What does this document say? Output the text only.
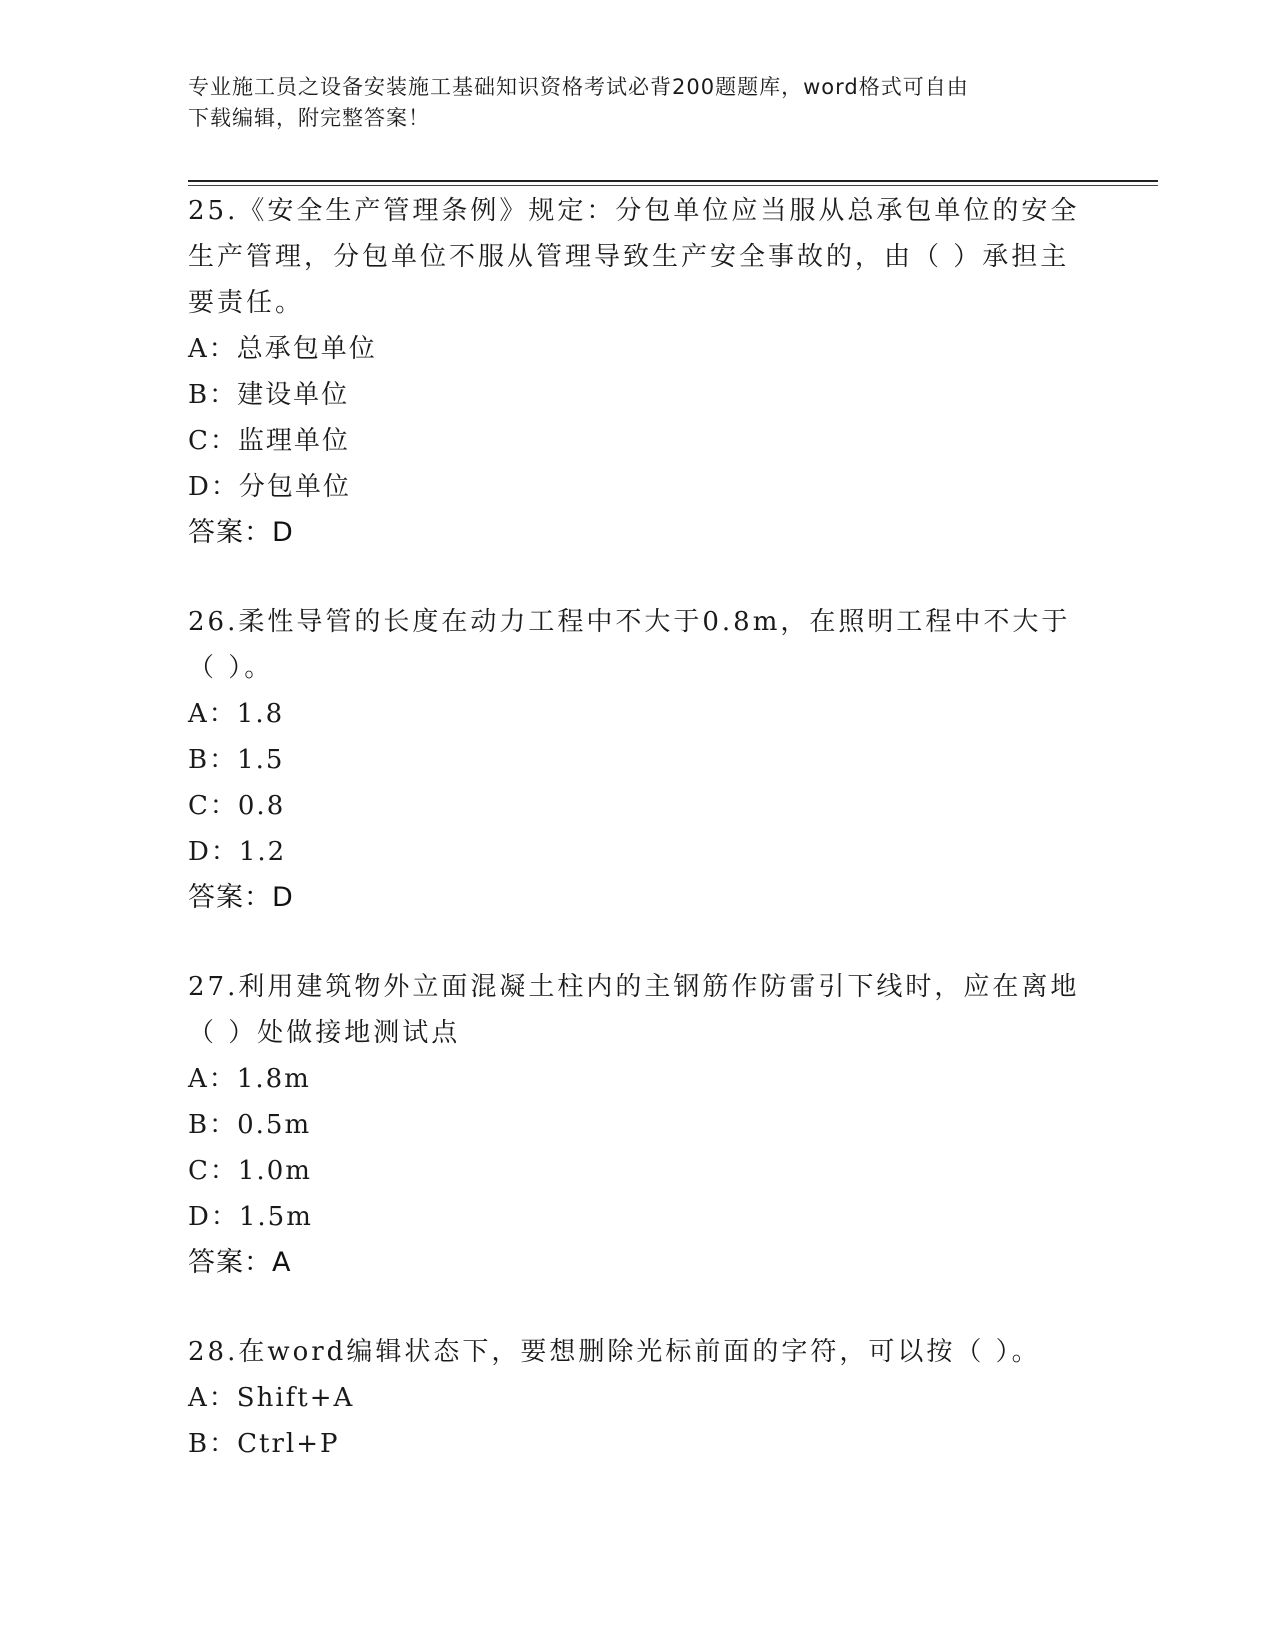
专业施工员之设备安装施工基础知识资格考试必背200题题库，word格式可自由
下载编辑，附完整答案！

25.《安全生产管理条例》规定：分包单位应当服从总承包单位的安全生产管理，分包单位不服从管理导致生产安全事故的，由（ ）承担主要责任。

A：总承包单位
B：建设单位
C：监理单位
D：分包单位
答案：D

26.柔性导管的长度在动力工程中不大于0.8m，在照明工程中不大于（ ）。

A：1.8
B：1.5
C：0.8
D：1.2
答案：D

27.利用建筑物外立面混凝土柱内的主钢筋作防雷引下线时，应在离地（ ）处做接地测试点

A：1.8m
B：0.5m
C：1.0m
D：1.5m
答案：A

28.在word编辑状态下，要想删除光标前面的字符，可以按（ ）。

A：Shift+A
B：Ctrl+P
